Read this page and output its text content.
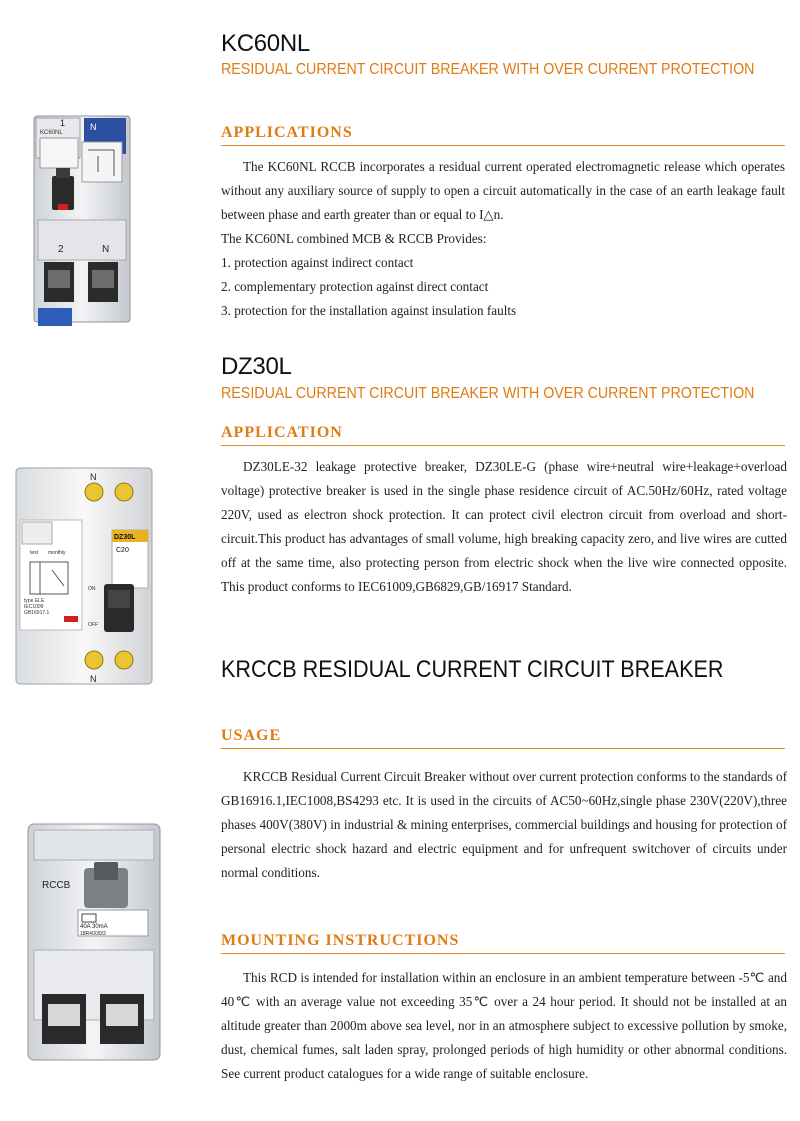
KC60NL
RESIDUAL CURRENT CIRCUIT BREAKER WITH OVER CURRENT PROTECTION
APPLICATIONS

The KC60NL RCCB incorporates a residual current operated electromagnetic release which operates without any auxiliary source of supply to open a circuit automatically in the case of an earth leakage fault between phase and earth greater than or equal to I△n.

The KC60NL combined MCB & RCCB Provides:

1. protection against indirect contact

2. complementary protection against direct contact

3. protection for the installation against insulation faults

KC60NL
1	N
2	N
DZ30L
RESIDUAL CURRENT CIRCUIT BREAKER WITH OVER CURRENT PROTECTION
APPLICATION

DZ30LE-32 leakage protective breaker, DZ30LE-G (phase wire+neutral wire+leakage+overload voltage) protective breaker is used in the single phase residence circuit of AC.50Hz/60Hz, rated voltage 220V, used as electron shock protection. It can protect civil electron circuit from overload and short-circuit.This product has advantages of small volume, high breaking capacity zero, and live wires are cutted off at the same time, also protecting person from electric shock when the live wire connected opposite. This product conforms to IEC61009,GB6829,GB/16917 Standard.

N
N
DZ30L
C20
test monthly
ON
OFF
type ELE
IEC1009
GB16917.1
KRCCB RESIDUAL CURRENT CIRCUIT BREAKER
USAGE

KRCCB Residual Current Circuit Breaker without over current protection conforms to the standards of GB16916.1,IEC1008,BS4293 etc. It is used in the circuits of AC50~60Hz,single phase 230V(220V),three phases 400V(380V) in industrial & mining enterprises, commercial buildings and housing for protection of personal electric shock hazard and electric equipment and for unfrequent switchover of circuits under normal conditions.

MOUNTING INSTRUCTIONS

This RCD is intended for installation within an enclosure in an ambient temperature between -5℃ and 40℃ with an average value not exceeding 35℃ over a 24 hour period. It should not be installed at an altitude greater than 2000m above sea level, nor in an atmosphere subject to excessive pollution by smoke, dust, chemical fumes, salt laden spray, prolonged periods of high humidity or other abnormal conditions. See current product catalogues for a wide range of suitable enclosure.

RCCB
40A 30mA
18R40/30/2
